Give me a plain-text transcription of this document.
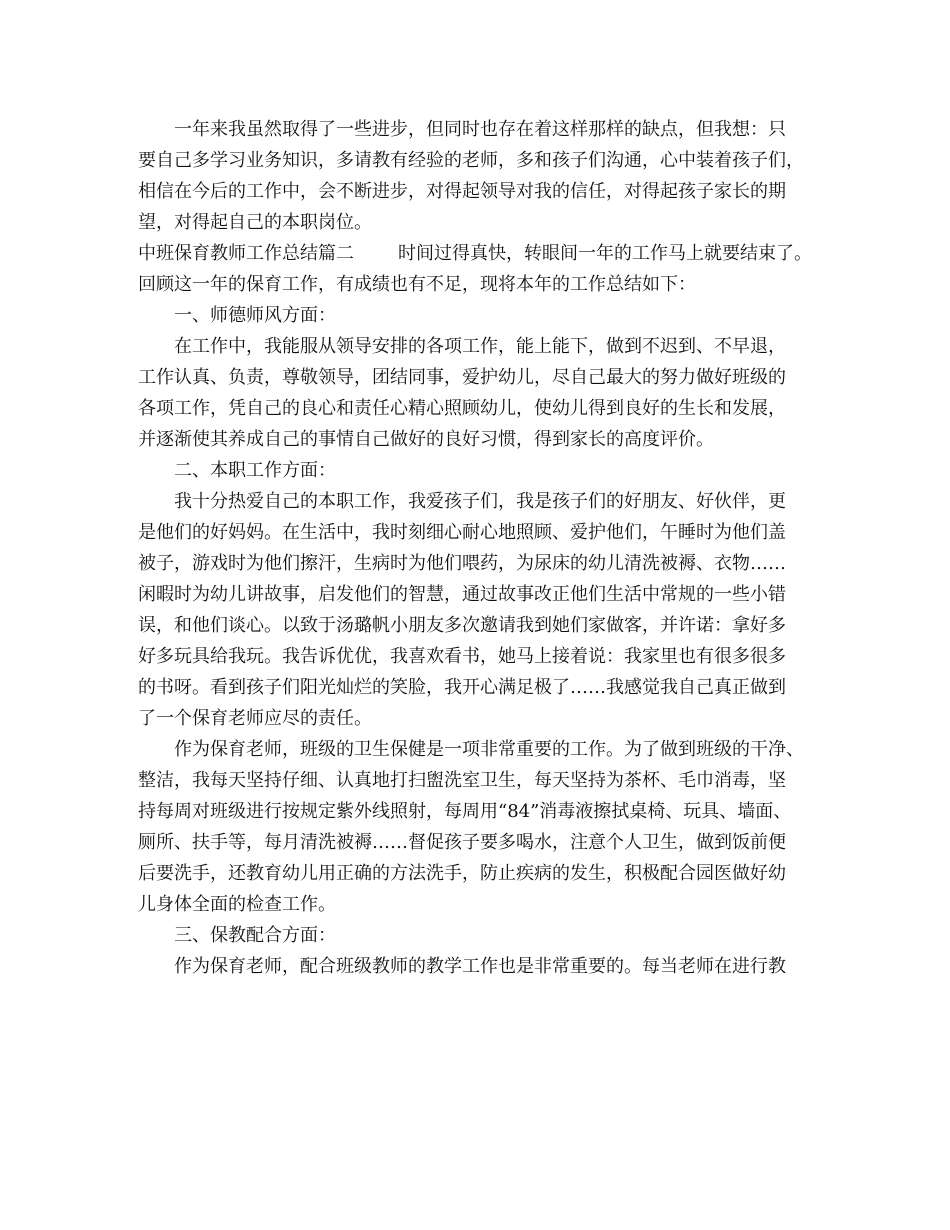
一年来我虽然取得了一些进步，但同时也存在着这样那样的缺点，但我想：只
要自己多学习业务知识，多请教有经验的老师，多和孩子们沟通，心中装着孩子们，
相信在今后的工作中，会不断进步，对得起领导对我的信任，对得起孩子家长的期
望，对得起自己的本职岗位。
中班保育教师工作总结篇二 时间过得真快，转眼间一年的工作马上就要结束了。
回顾这一年的保育工作，有成绩也有不足，现将本年的工作总结如下：
一、师德师风方面：
在工作中，我能服从领导安排的各项工作，能上能下，做到不迟到、不早退，
工作认真、负责，尊敬领导，团结同事，爱护幼儿，尽自己最大的努力做好班级的
各项工作，凭自己的良心和责任心精心照顾幼儿，使幼儿得到良好的生长和发展，
并逐渐使其养成自己的事情自己做好的良好习惯，得到家长的高度评价。
二、本职工作方面：
我十分热爱自己的本职工作，我爱孩子们，我是孩子们的好朋友、好伙伴，更
是他们的好妈妈。在生活中，我时刻细心耐心地照顾、爱护他们，午睡时为他们盖
被子，游戏时为他们擦汗，生病时为他们喂药，为尿床的幼儿清洗被褥、衣物……
闲暇时为幼儿讲故事，启发他们的智慧，通过故事改正他们生活中常规的一些小错
误，和他们谈心。以致于汤璐帆小朋友多次邀请我到她们家做客，并许诺：拿好多
好多玩具给我玩。我告诉优优，我喜欢看书，她马上接着说：我家里也有很多很多
的书呀。看到孩子们阳光灿烂的笑脸，我开心满足极了……我感觉我自己真正做到
了一个保育老师应尽的责任。
作为保育老师，班级的卫生保健是一项非常重要的工作。为了做到班级的干净、
整洁，我每天坚持仔细、认真地打扫盥洗室卫生，每天坚持为茶杯、毛巾消毒，坚
持每周对班级进行按规定紫外线照射，每周用“84”消毒液擦拭桌椅、玩具、墙面、
厕所、扶手等，每月清洗被褥……督促孩子要多喝水，注意个人卫生，做到饭前便
后要洗手，还教育幼儿用正确的方法洗手，防止疾病的发生，积极配合园医做好幼
儿身体全面的检查工作。
三、保教配合方面：
作为保育老师，配合班级教师的教学工作也是非常重要的。每当老师在进行教
